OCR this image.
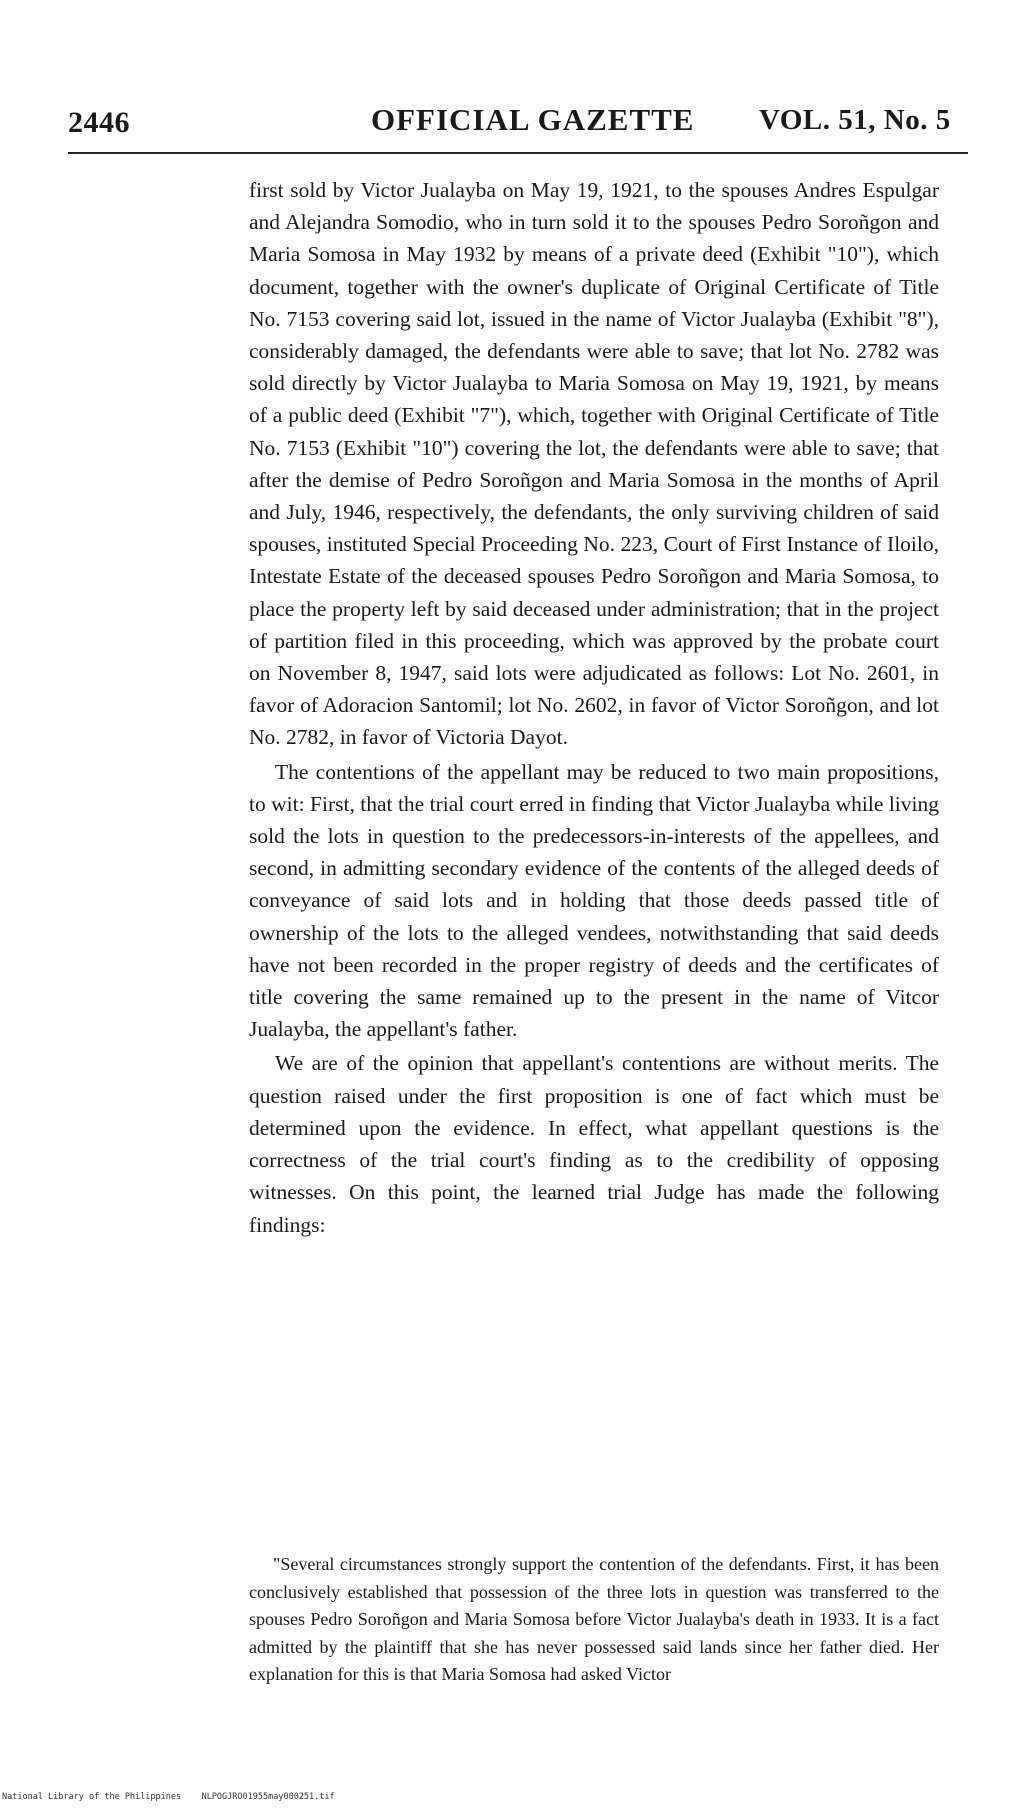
2446	OFFICIAL GAZETTE VOL. 51, No. 5

first sold by Victor Jualayba on May 19, 1921, to the spouses Andres Espulgar and Alejandra Somodio, who in turn sold it to the spouses Pedro Soroñgon and Maria Somosa in May 1932 by means of a private deed (Exhibit "10"), which document, together with the owner's duplicate of Original Certificate of Title No. 7153 covering said lot, issued in the name of Victor Jualayba (Exhibit "8"), considerably damaged, the defendants were able to save; that lot No. 2782 was sold directly by Victor Jualayba to Maria Somosa on May 19, 1921, by means of a public deed (Exhibit "7"), which, together with Original Certificate of Title No. 7153 (Exhibit "10") covering the lot, the defendants were able to save; that after the demise of Pedro Soroñgon and Maria Somosa in the months of April and July, 1946, respectively, the defendants, the only surviving children of said spouses, instituted Special Proceeding No. 223, Court of First Instance of Iloilo, Intestate Estate of the deceased spouses Pedro Soroñgon and Maria Somosa, to place the property left by said deceased under administration; that in the project of partition filed in this proceeding, which was approved by the probate court on November 8, 1947, said lots were adjudicated as follows: Lot No. 2601, in favor of Adoracion Santomil; lot No. 2602, in favor of Victor Soroñgon, and lot No. 2782, in favor of Victoria Dayot.

The contentions of the appellant may be reduced to two main propositions, to wit: First, that the trial court erred in finding that Victor Jualayba while living sold the lots in question to the predecessors-in-interests of the appellees, and second, in admitting secondary evidence of the contents of the alleged deeds of conveyance of said lots and in holding that those deeds passed title of ownership of the lots to the alleged vendees, notwithstanding that said deeds have not been recorded in the proper registry of deeds and the certificates of title covering the same remained up to the present in the name of Vitcor Jualayba, the appellant's father.

We are of the opinion that appellant's contentions are without merits. The question raised under the first proposition is one of fact which must be determined upon the evidence. In effect, what appellant questions is the correctness of the trial court's finding as to the credibility of opposing witnesses. On this point, the learned trial Judge has made the following findings:

"Several circumstances strongly support the contention of the defendants. First, it has been conclusively established that possession of the three lots in question was transferred to the spouses Pedro Soroñgon and Maria Somosa before Victor Jualayba's death in 1933. It is a fact admitted by the plaintiff that she has never possessed said lands since her father died. Her explanation for this is that Maria Somosa had asked Victor

National Library of the Philippines    NLPOGJRO01955may000251.tif
